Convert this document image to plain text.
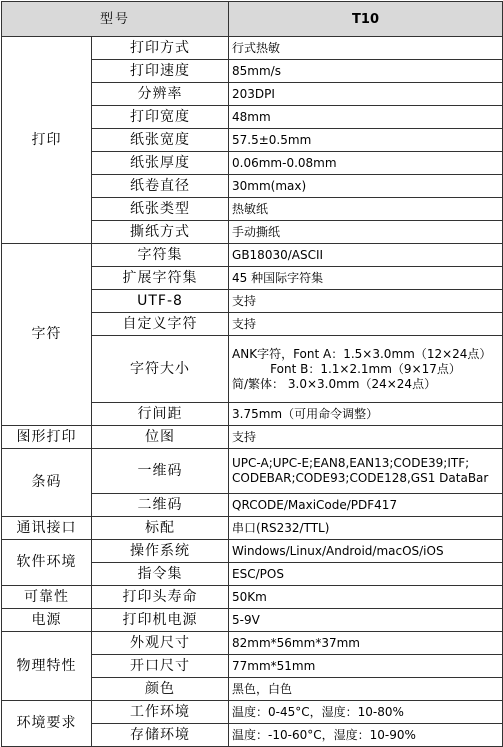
型号		T10
打印	打印方式	行式热敏
	打印速度	85mm/s
	分辨率	203DPI
	打印宽度	48mm
	纸张宽度	57.5±0.5mm
	纸张厚度	0.06mm-0.08mm
	纸卷直径	30mm(max)
	纸张类型	热敏纸
	撕纸方式	手动撕纸
字符	字符集	GB18030/ASCII
	扩展字符集	45 种国际字符集
	UTF-8	支持
	自定义字符	支持
	字符大小	ANK字符，Font A：1.5×3.0mm（12×24点）
Font B：1.1×2.1mm（9×17点）
简/繁体： 3.0×3.0mm（24×24点）

	行间距	3.75mm（可用命令调整）
图形打印	位图	支持
条码	一维码	UPC-A;UPC-E;EAN8,EAN13;CODE39;ITF;
CODEBAR;CODE93;CODE128,GS1 DataBar

	二维码	QRCODE/MaxiCode/PDF417
通讯接口	标配	串口(RS232/TTL)
软件环境	操作系统	Windows/Linux/Android/macOS/iOS
	指令集	ESC/POS
可靠性	打印头寿命	50Km
电源	打印机电源	5-9V
物理特性	外观尺寸	82mm*56mm*37mm
	开口尺寸	77mm*51mm
	颜色	黑色，白色
环境要求	工作环境	温度：0-45°C，湿度：10-80%
	存储环境	温度：-10-60°C，湿度：10-90%
